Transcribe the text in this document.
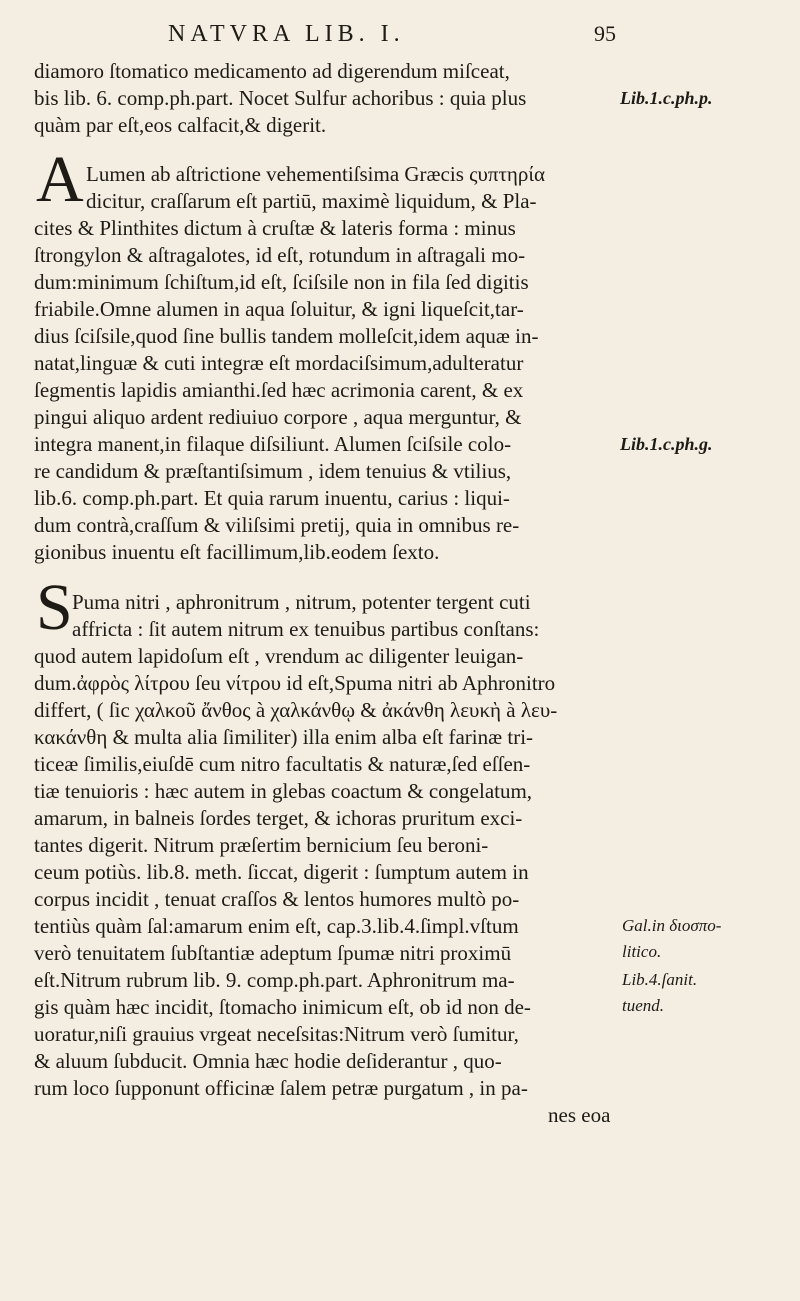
NATVRA LIB. I.	95
diamoro ſtomatico medicamento ad digerendum miſceat,
bis lib. 6. comp.ph.part. Nocet Sulfur achoribus : quia plus
quàm par eſt,eos calfacit,& digerit.
A Lumen ab aſtrictione vehementiſsima Græcis ςυπτηρία
dicitur, craſſarum eſt partiū, maximè liquidum, & Pla-
cites & Plinthites dictum à cruſtæ & lateris forma : minus
ſtrongylon & aſtragalotes, id eſt, rotundum in aſtragali mo-
dum:minimum ſchiſtum,id eſt, ſciſsile non in fila ſed digitis
friabile.Omne alumen in aqua ſoluitur, & igni liqueſcit,tar-
dius ſciſsile,quod ſine bullis tandem molleſcit,idem aquæ in-
natat,linguæ & cuti integræ eſt mordaciſsimum,adulteratur
ſegmentis lapidis amianthi.ſed hæc acrimonia carent, & ex
pingui aliquo ardent rediuiuo corpore , aqua merguntur, &
integra manent,in filaque diſsiliunt. Alumen ſciſsile colo-
re candidum & præſtantiſsimum , idem tenuius & vtilius,
lib.6. comp.ph.part. Et quia rarum inuentu, carius : liqui-
dum contrà,craſſum & viliſsimi pretij, quia in omnibus re-
gionibus inuentu eſt facillimum,lib.eodem ſexto.
S Puma nitri , aphronitrum , nitrum, potenter tergent cuti
affricta : ſit autem nitrum ex tenuibus partibus conſtans:
quod autem lapidoſum eſt , vrendum ac diligenter leuigan-
dum.ἀφρὸς λίτρου ſeu νίτρου id eſt,Spuma nitri ab Aphronitro
differt, ( ſic χαλκοῦ ἄνθος à χαλκάνθῳ & ἀκάνθη λευκὴ à λευ-
κακάνθη & multa alia ſimiliter) illa enim alba eſt farinæ tri-
ticeæ ſimilis,eiuſdē cum nitro facultatis & naturæ,ſed eſſen-
tiæ tenuioris : hæc autem in glebas coactum & congelatum,
amarum, in balneis ſordes terget, & ichoras pruritum exci-
tantes digerit. Nitrum præſertim bernicium ſeu beroni-
ceum potiùs. lib.8. meth. ſiccat, digerit : ſumptum autem in
corpus incidit , tenuat craſſos & lentos humores multò po-
tentiùs quàm ſal:amarum enim eſt, cap.3.lib.4.ſimpl.vſtum
verò tenuitatem ſubſtantiæ adeptum ſpumæ nitri proximū
eſt.Nitrum rubrum lib. 9. comp.ph.part. Aphronitrum ma-
gis quàm hæc incidit, ſtomacho inimicum eſt, ob id non de-
uoratur,niſi grauius vrgeat neceſsitas:Nitrum verò ſumitur,
& aluum ſubducit. Omnia hæc hodie deſiderantur , quo-
rum loco ſupponunt officinæ ſalem petræ purgatum , in pa-
nes eoa
Lib.1.c.ph.p.
Lib.1.c.ph.g.
Gal.in διοσπο-
litico.
Lib.4.ſanit.
tuend.
